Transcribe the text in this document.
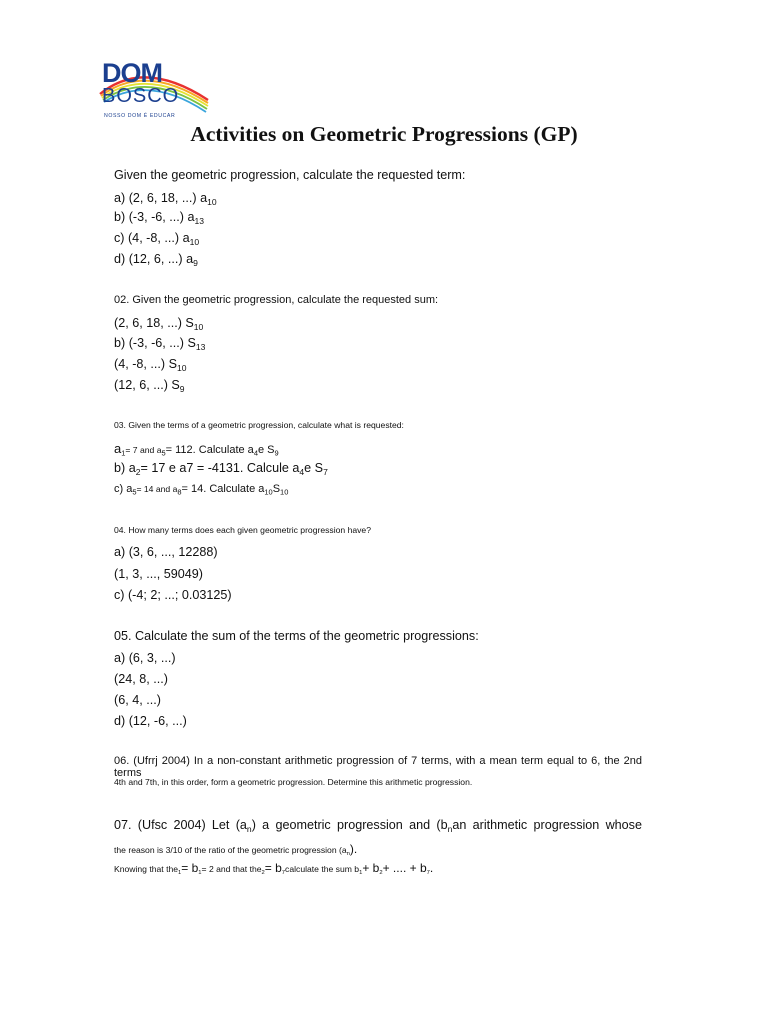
DOM
BOSCO
NOSSO DOM É EDUCAR
Activities on Geometric Progressions (GP)
Given the geometric progression, calculate the requested term:
a) (2, 6, 18, ...) $a_{10}$
b) (-3, -6, ...) $a_{13}$
c) (4, -8, ...) $a_{10}$
d) (12, 6, ...) $a_9$
02. Given the geometric progression, calculate the requested sum:
(2, 6, 18, ...) $S_{10}$
b) (-3, -6, ...) $S_{13}$
(4, -8, ...) $S_{10}$
(12, 6, ...) $S_9$
03. Given the terms of a geometric progression, calculate what is requested:
$a_1= 7$ and $a_5= 112$. Calculate $a_4e$ $S_9$
b) $a_2= 17$ e a7 = -4131. Calcule $a_4e$ $S_7$
c) $a_5= 14$ and $a_8= 14$. Calculate $a_{10}S_{10}$
04. How many terms does each given geometric progression have?
a) (3, 6, ..., 12288)
(1, 3, ..., 59049)
c) (-4; 2; ...; 0.03125)
05. Calculate the sum of the terms of the geometric progressions:
a) (6, 3, ...)
(24, 8, ...)
(6, 4, ...)
d) (12, -6, ...)
06. (Ufrrj 2004) In a non-constant arithmetic progression of 7 terms, with a mean term equal to 6, the 2nd terms
4th and 7th, in this order, form a geometric progression. Determine this arithmetic progression.
07. (Ufsc 2004) Let $(a_n)$ a geometric progression and ($b_nan$ arithmetic progression whose
the reason is 3/10 of the ratio of the geometric progression $(a_n)$.
Knowing that $the_1= b_1= 2$ and that $the_2= b_7calculate$ the sum $b_1+ b_2+$ .... + $b_7$.
